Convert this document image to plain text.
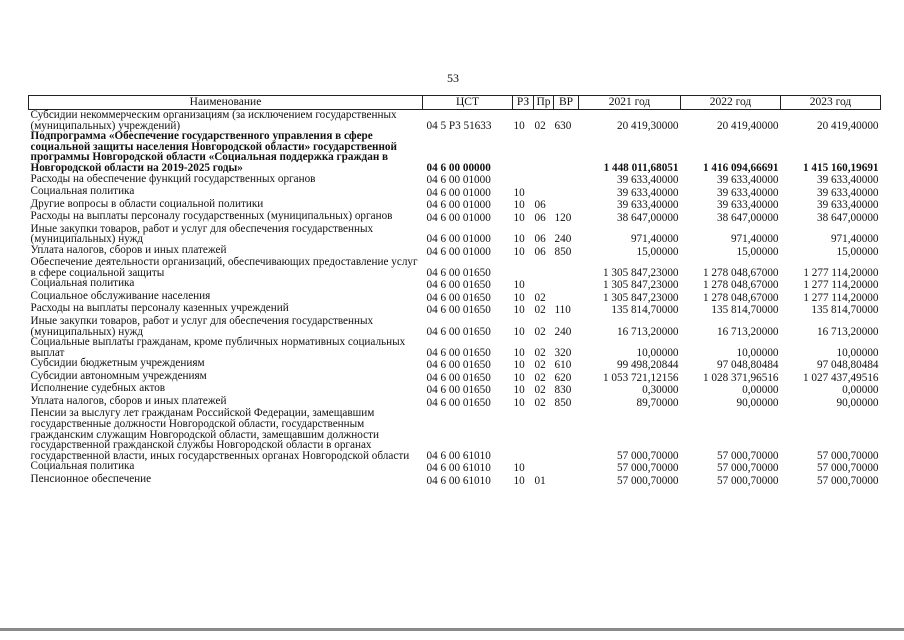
53
Наименование	ЦСТ	РЗ	Пр	ВР	2021 год	2022 год	2023 год
Субсидии некоммерческим организациям (за исключением государственных (муниципальных) учреждений)	04 5 P3 51633	10	02	630	20 419,30000	20 419,40000	20 419,40000
Подпрограмма «Обеспечение государственного управления в сфере социальной защиты населения Новгородской области» государственной программы Новгородской области «Социальная поддержка граждан в Новгородской области на 2019-2025 годы»	04 6 00 00000				1 448 011,68051	1 416 094,66691	1 415 160,19691
Расходы на обеспечение функций государственных органов	04 6 00 01000				39 633,40000	39 633,40000	39 633,40000
Социальная политика	04 6 00 01000	10			39 633,40000	39 633,40000	39 633,40000
Другие вопросы в области социальной политики	04 6 00 01000	10	06		39 633,40000	39 633,40000	39 633,40000
Расходы на выплаты персоналу государственных (муниципальных) органов	04 6 00 01000	10	06	120	38 647,00000	38 647,00000	38 647,00000
Иные закупки товаров, работ и услуг для обеспечения государственных (муниципальных) нужд	04 6 00 01000	10	06	240	971,40000	971,40000	971,40000
Уплата налогов, сборов и иных платежей	04 6 00 01000	10	06	850	15,00000	15,00000	15,00000
Обеспечение деятельности организаций, обеспечивающих предоставление услуг в сфере социальной защиты	04 6 00 01650				1 305 847,23000	1 278 048,67000	1 277 114,20000
Социальная политика	04 6 00 01650	10			1 305 847,23000	1 278 048,67000	1 277 114,20000
Социальное обслуживание населения	04 6 00 01650	10	02		1 305 847,23000	1 278 048,67000	1 277 114,20000
Расходы на выплаты персоналу казенных учреждений	04 6 00 01650	10	02	110	135 814,70000	135 814,70000	135 814,70000
Иные закупки товаров, работ и услуг для обеспечения государственных (муниципальных) нужд	04 6 00 01650	10	02	240	16 713,20000	16 713,20000	16 713,20000
Социальные выплаты гражданам, кроме публичных нормативных социальных выплат	04 6 00 01650	10	02	320	10,00000	10,00000	10,00000
Субсидии бюджетным учреждениям	04 6 00 01650	10	02	610	99 498,20844	97 048,80484	97 048,80484
Субсидии автономным учреждениям	04 6 00 01650	10	02	620	1 053 721,12156	1 028 371,96516	1 027 437,49516
Исполнение судебных актов	04 6 00 01650	10	02	830	0,30000	0,00000	0,00000
Уплата налогов, сборов и иных платежей	04 6 00 01650	10	02	850	89,70000	90,00000	90,00000
Пенсии за выслугу лет гражданам Российской Федерации, замещавшим государственные должности Новгородской области, государственным гражданским служащим Новгородской области, замещавшим должности государственной гражданской службы Новгородской области в органах государственной власти, иных государственных органах Новгородской области	04 6 00 61010				57 000,70000	57 000,70000	57 000,70000
Социальная политика	04 6 00 61010	10			57 000,70000	57 000,70000	57 000,70000
Пенсионное обеспечение	04 6 00 61010	10	01		57 000,70000	57 000,70000	57 000,70000
